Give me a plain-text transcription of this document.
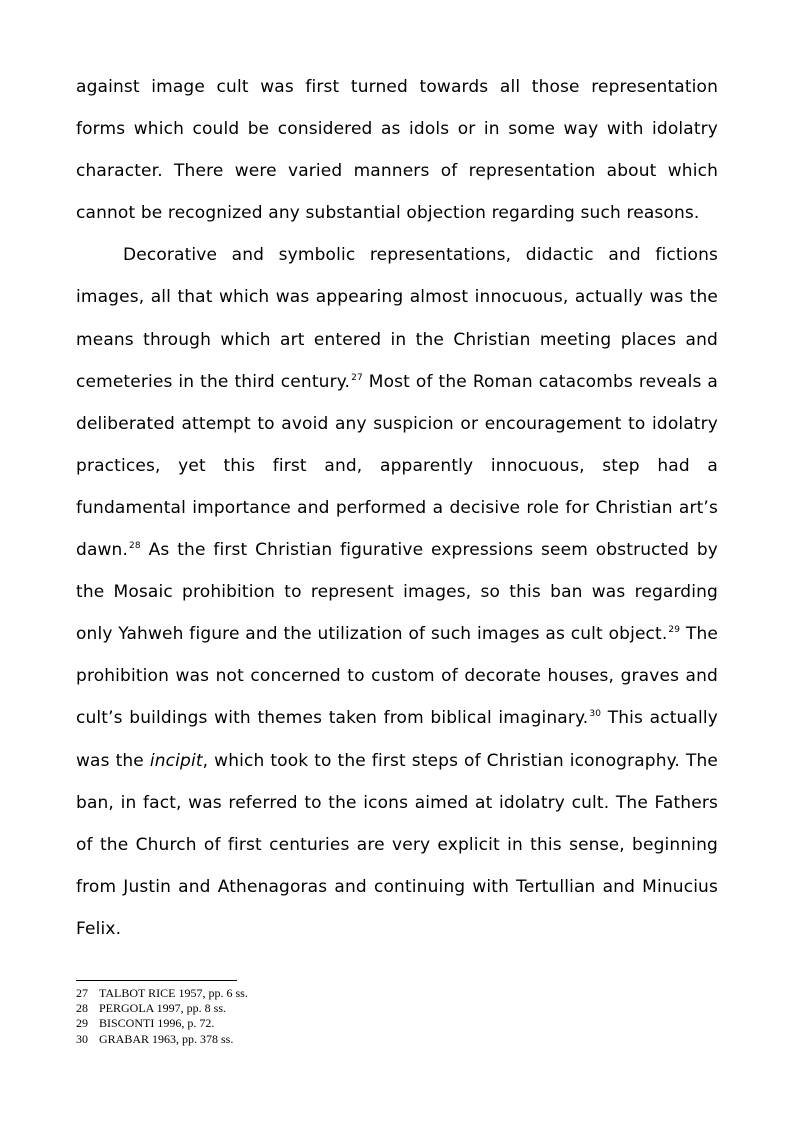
against image cult was first turned towards all those representation forms which could be considered as idols or in some way with idolatry character. There were varied manners of representation about which cannot be recognized any substantial objection regarding such reasons.

Decorative and symbolic representations, didactic and fictions images, all that which was appearing almost innocuous, actually was the means through which art entered in the Christian meeting places and cemeteries in the third century.$^{27}$ Most of the Roman catacombs reveals a deliberated attempt to avoid any suspicion or encouragement to idolatry practices, yet this first and, apparently innocuous, step had a fundamental importance and performed a decisive role for Christian art’s dawn.$^{28}$ As the first Christian figurative expressions seem obstructed by the Mosaic prohibition to represent images, so this ban was regarding only Yahweh figure and the utilization of such images as cult object.$^{29}$ The prohibition was not concerned to custom of decorate houses, graves and cult’s buildings with themes taken from biblical imaginary.$^{30}$ This actually was the incipit, which took to the first steps of Christian iconography. The ban, in fact, was referred to the icons aimed at idolatry cult. The Fathers of the Church of first centuries are very explicit in this sense, beginning from Justin and Athenagoras and continuing with Tertullian and Minucius Felix.

27 TALBOT RICE 1957, pp. 6 ss.
28 PERGOLA 1997, pp. 8 ss.
29 BISCONTI 1996, p. 72.
30 GRABAR 1963, pp. 378 ss.
